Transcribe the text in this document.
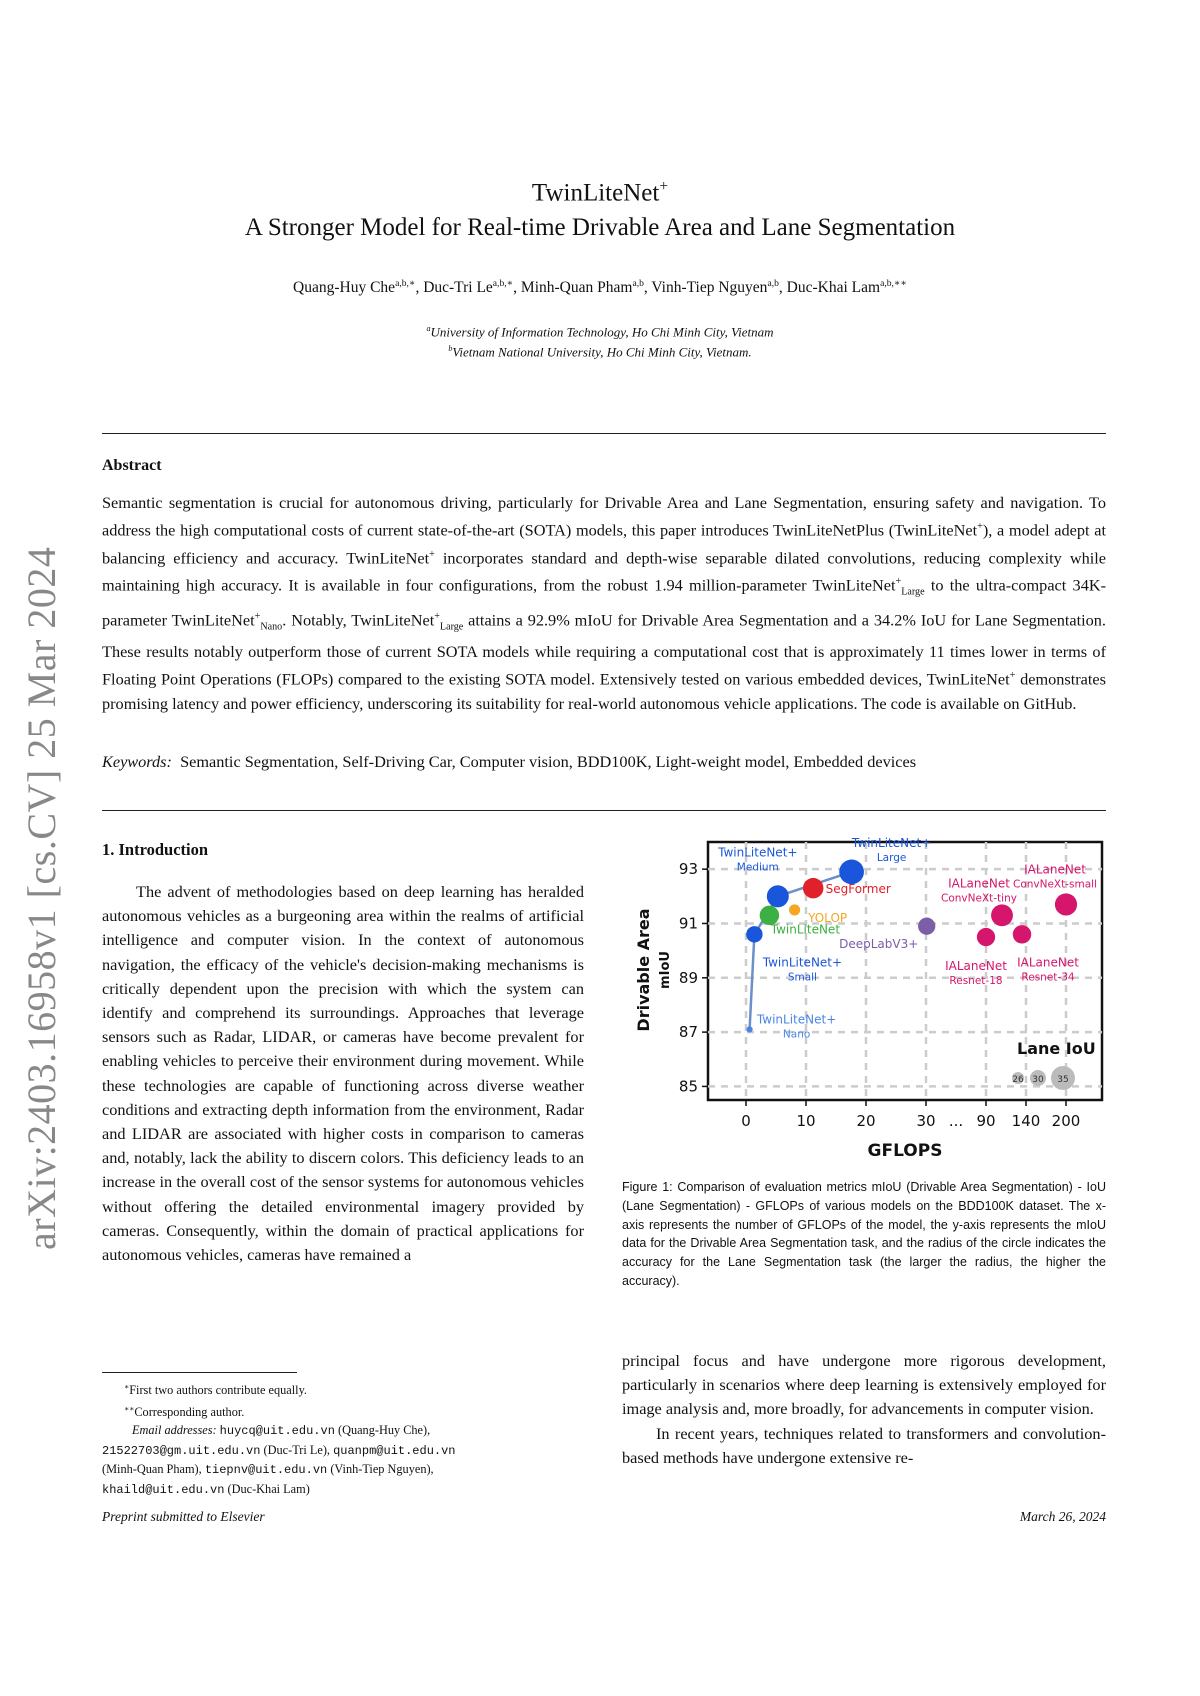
arXiv:2403.16958v1 [cs.CV] 25 Mar 2024
TwinLiteNet+
A Stronger Model for Real-time Drivable Area and Lane Segmentation
Quang-Huy Che$^{a,b,∗}$, Duc-Tri $Le^{a,b,∗}$, Minh-Quan Pham$^{a,b}$, Vinh-Tiep Nguyen$^{a,b}$, Duc-Khai Lam$^{a,b,∗∗}$
$^a$University of Information Technology, Ho Chi Minh City, Vietnam
$^b$Vietnam National University, Ho Chi Minh City, Vietnam.
Abstract
Semantic segmentation is crucial for autonomous driving, particularly for Drivable Area and Lane Segmentation, ensuring safety and navigation. To address the high computational costs of current state-of-the-art (SOTA) models, this paper introduces TwinLiteNetPlus (TwinLiteNet+), a model adept at balancing efficiency and accuracy. TwinLiteNet+ incorporates standard and depth-wise separable dilated convolutions, reducing complexity while maintaining high accuracy. It is available in four configurations, from the robust 1.94 million-parameter TwinLiteNet+$_{Large}$ to the ultra-compact 34K-parameter TwinLiteNet+$_{Nano}$. Notably, TwinLiteNet+$_{Large}$ attains a 92.9% mIoU for Drivable Area Segmentation and a 34.2% IoU for Lane Segmentation. These results notably outperform those of current SOTA models while requiring a computational cost that is approximately 11 times lower in terms of Floating Point Operations (FLOPs) compared to the existing SOTA model. Extensively tested on various embedded devices, TwinLiteNet+ demonstrates promising latency and power efficiency, underscoring its suitability for real-world autonomous vehicle applications. The code is available on GitHub.
Keywords: Semantic Segmentation, Self-Driving Car, Computer vision, BDD100K, Light-weight model, Embedded devices
1. Introduction

The advent of methodologies based on deep learning has heralded autonomous vehicles as a burgeoning area within the realms of artificial intelligence and computer vision. In the context of autonomous navigation, the efficacy of the vehicle's decision-making mechanisms is critically dependent upon the precision with which the system can identify and comprehend its surroundings. Approaches that leverage sensors such as Radar, LIDAR, or cameras have become prevalent for enabling vehicles to perceive their environment during movement. While these technologies are capable of functioning across diverse weather conditions and extracting depth information from the environment, Radar and LIDAR are associated with higher costs in comparison to cameras and, notably, lack the ability to discern colors. This deficiency leads to an increase in the overall cost of the sensor systems for autonomous vehicles without offering the detailed environmental imagery provided by cameras. Consequently, within the domain of practical applications for autonomous vehicles, cameras have remained a

85
87
89
91
93
0	10	20	30 ... 90 140 200
TwinLiteNet+
Nano
TwinLiteNet+
Small
TwinLiteNet+
Medium
TwinLiteNet+
Large
TwinLiteNet
YOLOP
SegFormer
DeepLabV3+
IALaneNet
Resnet-18
IALaneNet
ConvNeXt-tiny
IALaneNet
Resnet-34
IALaneNet
ConvNeXt-small
Lane IoU
26 30 35
GFLOPS
Drivable Area mIoU
Figure 1: Comparison of evaluation metrics mIoU (Drivable Area Segmentation) - IoU (Lane Segmentation) - GFLOPs of various models on the BDD100K dataset. The x-axis represents the number of GFLOPs of the model, the y-axis represents the mIoU data for the Drivable Area Segmentation task, and the radius of the circle indicates the accuracy for the Lane Segmentation task (the larger the radius, the higher the accuracy).

principal focus and have undergone more rigorous development, particularly in scenarios where deep learning is extensively employed for image analysis and, more broadly, for advancements in computer vision.

In recent years, techniques related to transformers and convolution-based methods have undergone extensive re-

∗First two authors contribute equally.
∗∗Corresponding author.
Email addresses: huycq@uit.edu.vn (Quang-Huy Che),
21522703@gm.uit.edu.vn (Duc-Tri Le), quanpm@uit.edu.vn
(Minh-Quan Pham), tiepnv@uit.edu.vn (Vinh-Tiep Nguyen),
khaild@uit.edu.vn (Duc-Khai Lam)
Preprint submitted to Elsevier	March 26, 2024
